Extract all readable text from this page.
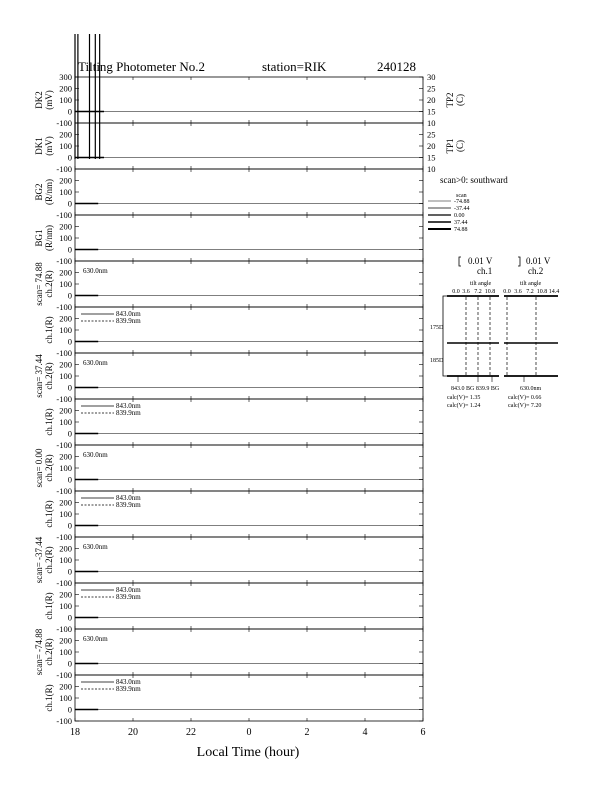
Tilting Photometer No.2	station=RIK	240128
300
200
100
0
-100
DK2(mV)
30
25
20
15
10
TP2(C)
200
100
0
-100
DK1(mV)
25
20
15
10
TP1(C)
200
100
0
-100
BG2(R/nm)
200
100
0
-100
BG1(R/nm)
200
100
0
-100
scan= 74.88ch.2(R)	630.0nm
200
100
0
-100
ch.1(R)
843.0nm
839.9nm
200
100
0
-100
scan= 37.44ch.2(R)	630.0nm
200
100
0
-100
ch.1(R)
843.0nm
839.9nm
200
100
0
-100
scan= 0.00ch.2(R)	630.0nm
200
100
0
-100
ch.1(R)
843.0nm
839.9nm
200
100
0
-100
scan= -37.44ch.2(R)	630.0nm
200
100
0
-100
ch.1(R)
843.0nm
839.9nm
200
100
0
-100
scan= -74.88ch.2(R)	630.0nm
200
100
0
-100
ch.1(R)
843.0nm
839.9nm
18	20	22	0	2	4	6
Local Time (hour)
scan>0: southward
scan
-74.88
-37.44
0.00
37.44
74.88
0.01 V	0.01 V
ch.1	ch.2
tilt angle	tilt angle
0.0 3.6 7.2 10.8 0.0 3.6 7.2 10.8 14.4
175D
185D
843.0 BG 839.9 BG	630.0nm
calc(V)= 1.35
calc(V)= 1.24
calc(V)= 0.66
calc(V)= 7.20
